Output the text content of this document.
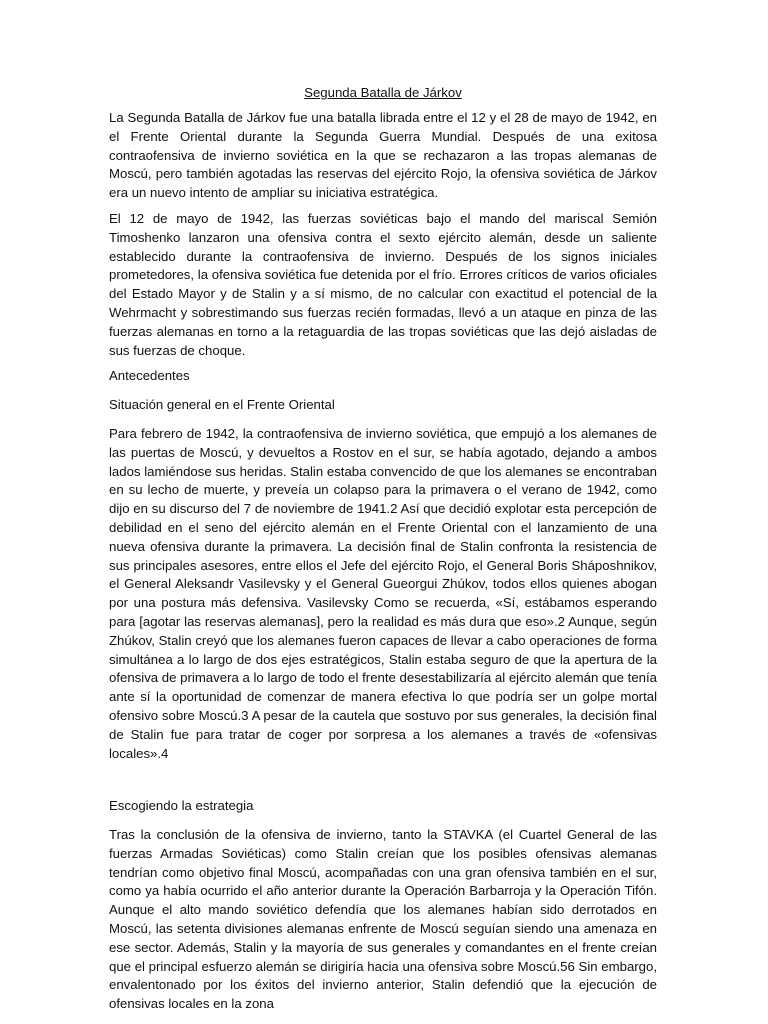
Segunda Batalla de Járkov

La Segunda Batalla de Járkov fue una batalla librada entre el 12 y el 28 de mayo de 1942, en el Frente Oriental durante la Segunda Guerra Mundial. Después de una exitosa contraofensiva de invierno soviética en la que se rechazaron a las tropas alemanas de Moscú, pero también agotadas las reservas del ejército Rojo, la ofensiva soviética de Járkov era un nuevo intento de ampliar su iniciativa estratégica.

El 12 de mayo de 1942, las fuerzas soviéticas bajo el mando del mariscal Semión Timoshenko lanzaron una ofensiva contra el sexto ejército alemán, desde un saliente establecido durante la contraofensiva de invierno. Después de los signos iniciales prometedores, la ofensiva soviética fue detenida por el frío. Errores críticos de varios oficiales del Estado Mayor y de Stalin y a sí mismo, de no calcular con exactitud el potencial de la Wehrmacht y sobrestimando sus fuerzas recién formadas, llevó a un ataque en pinza de las fuerzas alemanas en torno a la retaguardia de las tropas soviéticas que las dejó aisladas de sus fuerzas de choque.

Antecedentes

Situación general en el Frente Oriental

Para febrero de 1942, la contraofensiva de invierno soviética, que empujó a los alemanes de las puertas de Moscú, y devueltos a Rostov en el sur, se había agotado, dejando a ambos lados lamiéndose sus heridas. Stalin estaba convencido de que los alemanes se encontraban en su lecho de muerte, y preveía un colapso para la primavera o el verano de 1942, como dijo en su discurso del 7 de noviembre de 1941.2 Así que decidió explotar esta percepción de debilidad en el seno del ejército alemán en el Frente Oriental con el lanzamiento de una nueva ofensiva durante la primavera. La decisión final de Stalin confronta la resistencia de sus principales asesores, entre ellos el Jefe del ejército Rojo, el General Boris Sháposhnikov, el General Aleksandr Vasilevsky y el General Gueorgui Zhúkov, todos ellos quienes abogan por una postura más defensiva. Vasilevsky Como se recuerda, «Sí, estábamos esperando para [agotar las reservas alemanas], pero la realidad es más dura que eso».2 Aunque, según Zhúkov, Stalin creyó que los alemanes fueron capaces de llevar a cabo operaciones de forma simultánea a lo largo de dos ejes estratégicos, Stalin estaba seguro de que la apertura de la ofensiva de primavera a lo largo de todo el frente desestabilizaría al ejército alemán que tenía ante sí la oportunidad de comenzar de manera efectiva lo que podría ser un golpe mortal ofensivo sobre Moscú.3 A pesar de la cautela que sostuvo por sus generales, la decisión final de Stalin fue para tratar de coger por sorpresa a los alemanes a través de «ofensivas locales».4

Escogiendo la estrategia

Tras la conclusión de la ofensiva de invierno, tanto la STAVKA (el Cuartel General de las fuerzas Armadas Soviéticas) como Stalin creían que los posibles ofensivas alemanas tendrían como objetivo final Moscú, acompañadas con una gran ofensiva también en el sur, como ya había ocurrido el año anterior durante la Operación Barbarroja y la Operación Tifón. Aunque el alto mando soviético defendía que los alemanes habían sido derrotados en Moscú, las setenta divisiones alemanas enfrente de Moscú seguían siendo una amenaza en ese sector. Además, Stalin y la mayoría de sus generales y comandantes en el frente creían que el principal esfuerzo alemán se dirigiría hacia una ofensiva sobre Moscú.56 Sin embargo, envalentonado por los éxitos del invierno anterior, Stalin defendió que la ejecución de ofensivas locales en la zona
